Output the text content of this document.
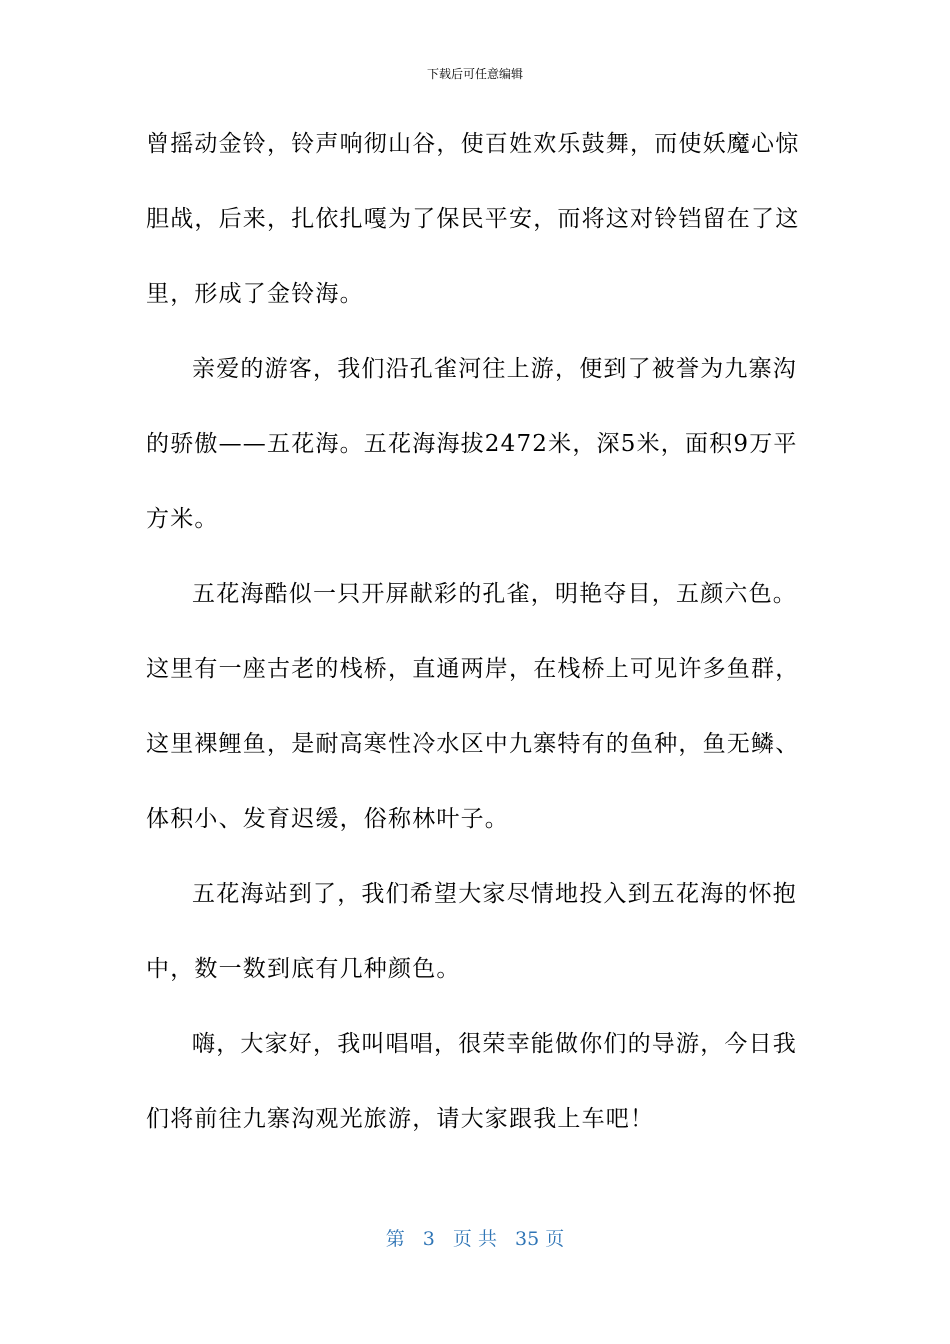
下载后可任意编辑
曾摇动金铃，铃声响彻山谷，使百姓欢乐鼓舞，而使妖魔心惊
胆战，后来，扎依扎嘎为了保民平安，而将这对铃铛留在了这
里，形成了金铃海。
亲爱的游客，我们沿孔雀河往上游，便到了被誉为九寨沟
的骄傲——五花海。五花海海拔2472米，深5米，面积9万平
方米。
五花海酷似一只开屏献彩的孔雀，明艳夺目，五颜六色。
这里有一座古老的栈桥，直通两岸，在栈桥上可见许多鱼群，
这里裸鲤鱼，是耐高寒性冷水区中九寨特有的鱼种，鱼无鳞、
体积小、发育迟缓，俗称林叶子。
五花海站到了，我们希望大家尽情地投入到五花海的怀抱
中，数一数到底有几种颜色。
嗨，大家好，我叫唱唱，很荣幸能做你们的导游，今日我
们将前往九寨沟观光旅游，请大家跟我上车吧！
第 3 页 共 35 页
